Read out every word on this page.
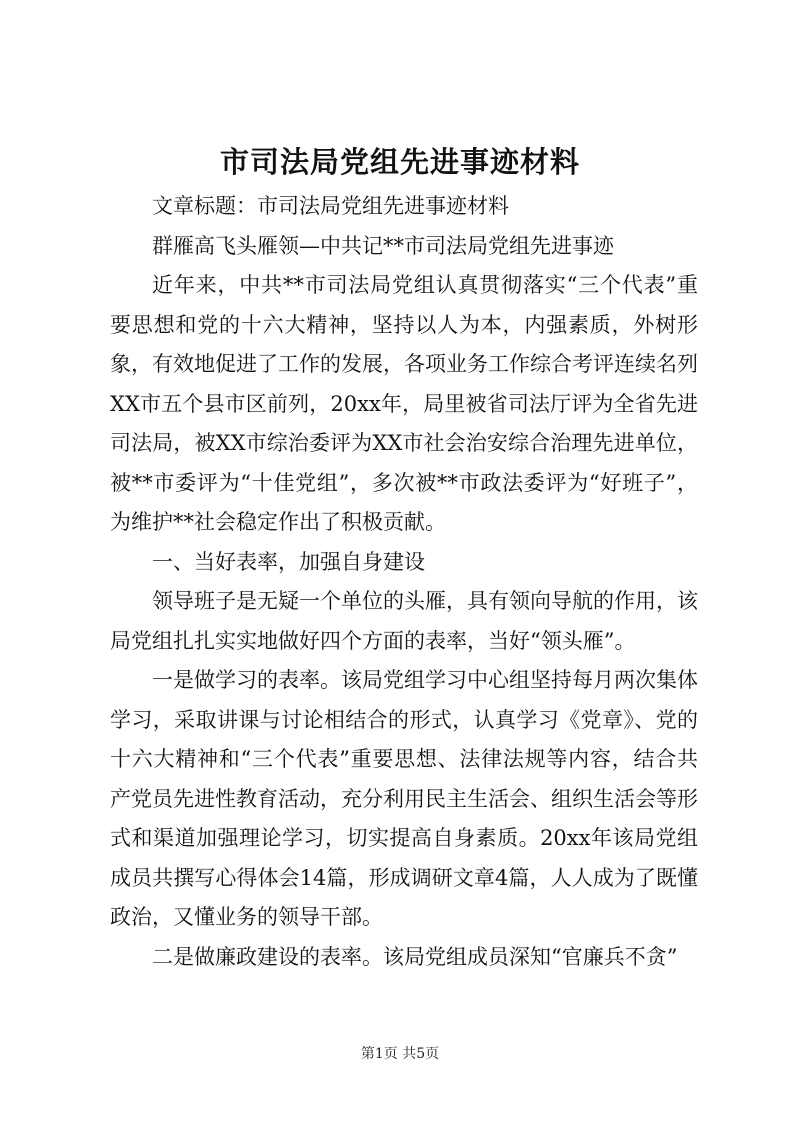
市司法局党组先进事迹材料

文章标题：市司法局党组先进事迹材料

群雁高飞头雁领—中共记**市司法局党组先进事迹

近年来，中共**市司法局党组认真贯彻落实“三个代表”重要思想和党的十六大精神，坚持以人为本，内强素质，外树形象，有效地促进了工作的发展，各项业务工作综合考评连续名列XX市五个县市区前列，20xx年，局里被省司法厅评为全省先进司法局，被XX市综治委评为XX市社会治安综合治理先进单位，被**市委评为“十佳党组”，多次被**市政法委评为“好班子”，为维护**社会稳定作出了积极贡献。

一、当好表率，加强自身建设

领导班子是无疑一个单位的头雁，具有领向导航的作用，该局党组扎扎实实地做好四个方面的表率，当好“领头雁”。

一是做学习的表率。该局党组学习中心组坚持每月两次集体学习，采取讲课与讨论相结合的形式，认真学习《党章》、党的十六大精神和“三个代表”重要思想、法律法规等内容，结合共产党员先进性教育活动，充分利用民主生活会、组织生活会等形式和渠道加强理论学习，切实提高自身素质。20xx年该局党组成员共撰写心得体会14篇，形成调研文章4篇，人人成为了既懂政治，又懂业务的领导干部。

二是做廉政建设的表率。该局党组成员深知“官廉兵不贪”

第1页 共5页
